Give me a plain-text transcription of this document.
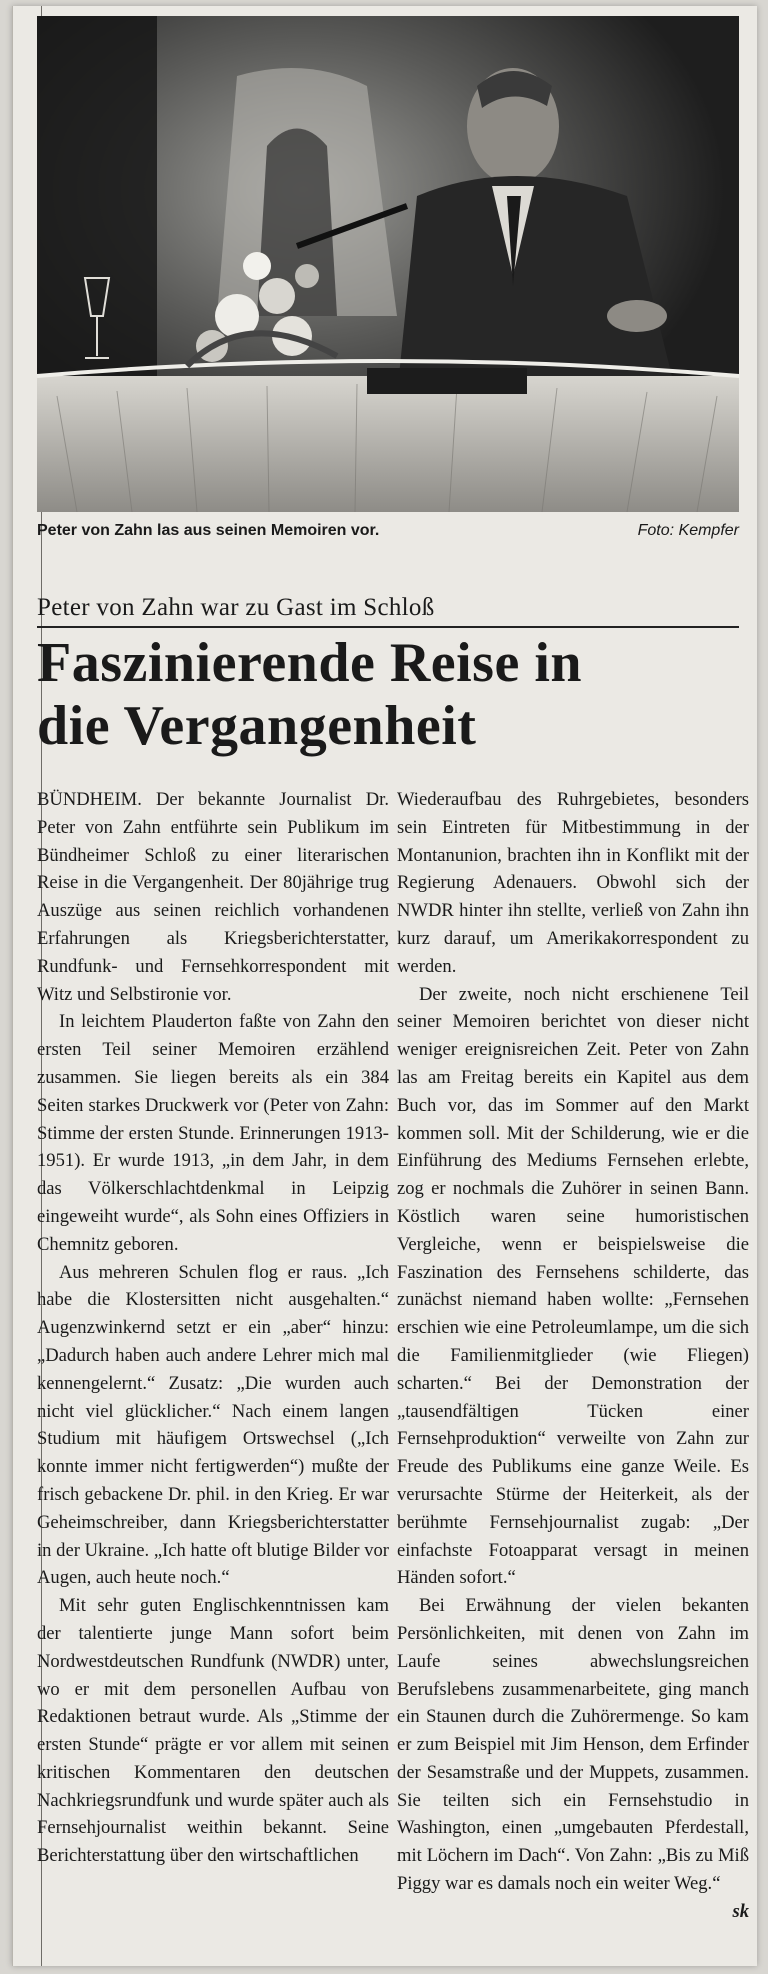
Peter von Zahn las aus seinen Memoiren vor.	Foto: Kempfer
Peter von Zahn war zu Gast im Schloß
Faszinierende Reise in
die Vergangenheit

BÜNDHEIM. Der bekannte Journalist Dr. Peter von Zahn entführte sein Publikum im Bündheimer Schloß zu einer literarischen Reise in die Vergangenheit. Der 80jährige trug Auszüge aus seinen reichlich vorhandenen Erfahrungen als Kriegsberichterstatter, Rundfunk- und Fernsehkorrespondent mit Witz und Selbstironie vor.

In leichtem Plauderton faßte von Zahn den ersten Teil seiner Memoiren erzählend zusammen. Sie liegen bereits als ein 384 Seiten starkes Druckwerk vor (Peter von Zahn: Stimme der ersten Stunde. Erinnerungen 1913-1951). Er wurde 1913, „in dem Jahr, in dem das Völkerschlachtdenkmal in Leipzig eingeweiht wurde“, als Sohn eines Offiziers in Chemnitz geboren.

Aus mehreren Schulen flog er raus. „Ich habe die Klostersitten nicht ausgehalten.“ Augenzwinkernd setzt er ein „aber“ hinzu: „Dadurch haben auch andere Lehrer mich mal kennengelernt.“ Zusatz: „Die wurden auch nicht viel glücklicher.“ Nach einem langen Studium mit häufigem Ortswechsel („Ich konnte immer nicht fertigwerden“) mußte der frisch gebackene Dr. phil. in den Krieg. Er war Geheimschreiber, dann Kriegsberichterstatter in der Ukraine. „Ich hatte oft blutige Bilder vor Augen, auch heute noch.“

Mit sehr guten Englischkenntnissen kam der talentierte junge Mann sofort beim Nordwestdeutschen Rundfunk (NWDR) unter, wo er mit dem personellen Aufbau von Redaktionen betraut wurde. Als „Stimme der ersten Stunde“ prägte er vor allem mit seinen kritischen Kommentaren den deutschen Nachkriegsrundfunk und wurde später auch als Fernsehjournalist weithin bekannt. Seine Berichterstattung über den wirtschaftlichen

Wiederaufbau des Ruhrgebietes, besonders sein Eintreten für Mitbestimmung in der Montanunion, brachten ihn in Konflikt mit der Regierung Adenauers. Obwohl sich der NWDR hinter ihn stellte, verließ von Zahn ihn kurz darauf, um Amerikakorrespondent zu werden.

Der zweite, noch nicht erschienene Teil seiner Memoiren berichtet von dieser nicht weniger ereignisreichen Zeit. Peter von Zahn las am Freitag bereits ein Kapitel aus dem Buch vor, das im Sommer auf den Markt kommen soll. Mit der Schilderung, wie er die Einführung des Mediums Fernsehen erlebte, zog er nochmals die Zuhörer in seinen Bann. Köstlich waren seine humoristischen Vergleiche, wenn er beispielsweise die Faszination des Fernsehens schilderte, das zunächst niemand haben wollte: „Fernsehen erschien wie eine Petroleumlampe, um die sich die Familienmitglieder (wie Fliegen) scharten.“ Bei der Demonstration der „tausendfältigen Tücken einer Fernsehproduktion“ verweilte von Zahn zur Freude des Publikums eine ganze Weile. Es verursachte Stürme der Heiterkeit, als der berühmte Fernsehjournalist zugab: „Der einfachste Fotoapparat versagt in meinen Händen sofort.“

Bei Erwähnung der vielen bekanten Persönlichkeiten, mit denen von Zahn im Laufe seines abwechslungsreichen Berufslebens zusammenarbeitete, ging manch ein Staunen durch die Zuhörermenge. So kam er zum Beispiel mit Jim Henson, dem Erfinder der Sesamstraße und der Muppets, zusammen. Sie teilten sich ein Fernsehstudio in Washington, einen „umgebauten Pferdestall, mit Löchern im Dach“. Von Zahn: „Bis zu Miß Piggy war es damals noch ein weiter Weg.“
sk
